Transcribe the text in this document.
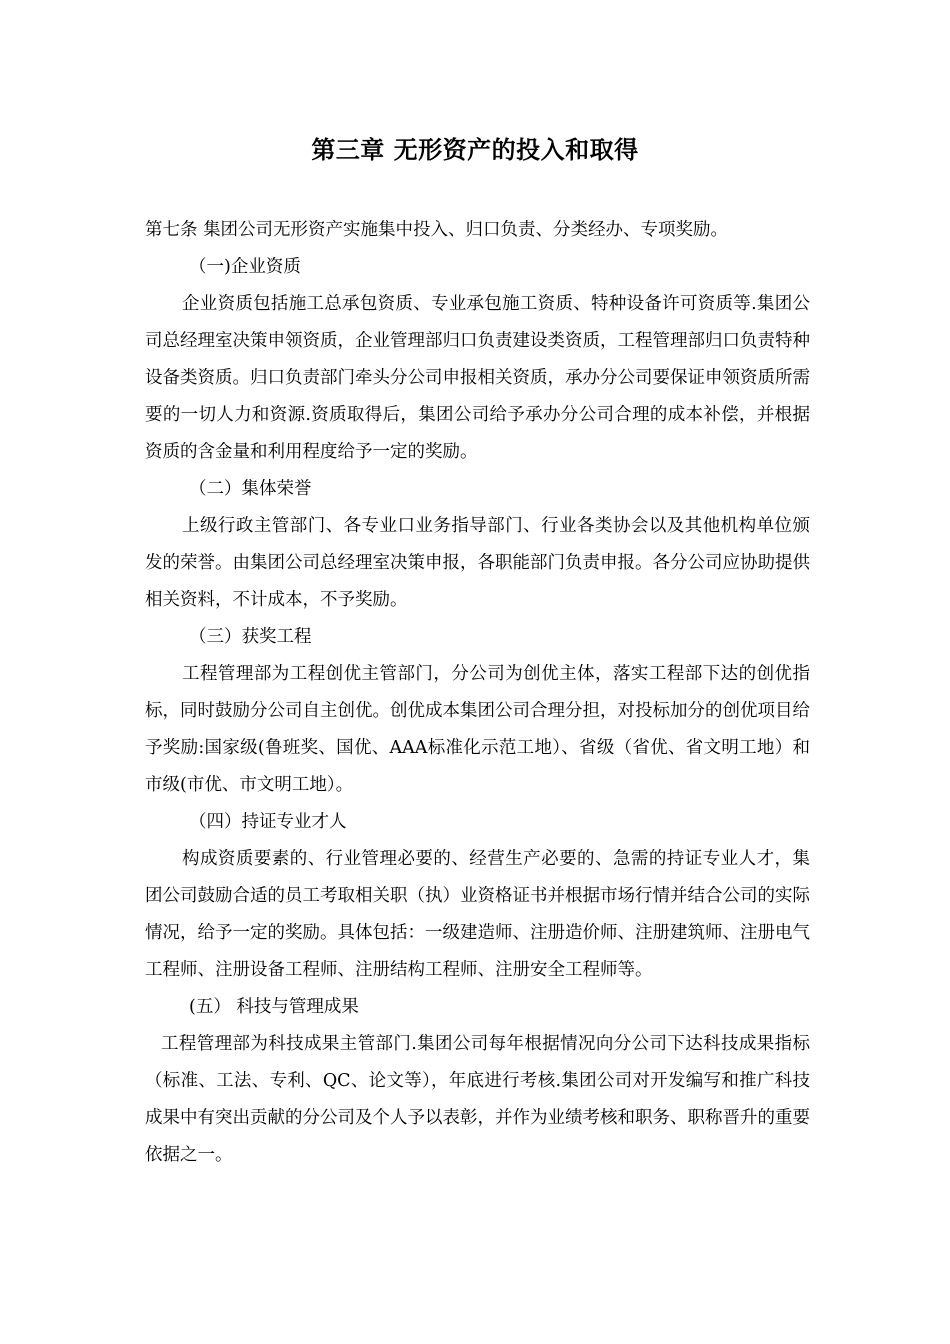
第三章 无形资产的投入和取得

第七条 集团公司无形资产实施集中投入、归口负责、分类经办、专项奖励。

（一)企业资质

企业资质包括施工总承包资质、专业承包施工资质、特种设备许可资质等.集团公司总经理室决策申领资质，企业管理部归口负责建设类资质，工程管理部归口负责特种设备类资质。归口负责部门牵头分公司申报相关资质，承办分公司要保证申领资质所需要的一切人力和资源.资质取得后，集团公司给予承办分公司合理的成本补偿，并根据资质的含金量和利用程度给予一定的奖励。

（二）集体荣誉

上级行政主管部门、各专业口业务指导部门、行业各类协会以及其他机构单位颁发的荣誉。由集团公司总经理室决策申报，各职能部门负责申报。各分公司应协助提供相关资料，不计成本，不予奖励。

（三）获奖工程

工程管理部为工程创优主管部门，分公司为创优主体，落实工程部下达的创优指标，同时鼓励分公司自主创优。创优成本集团公司合理分担，对投标加分的创优项目给予奖励:国家级(鲁班奖、国优、AAA标准化示范工地）、省级（省优、省文明工地）和市级(市优、市文明工地）。

（四）持证专业才人

构成资质要素的、行业管理必要的、经营生产必要的、急需的持证专业人才，集团公司鼓励合适的员工考取相关职（执）业资格证书并根据市场行情并结合公司的实际情况，给予一定的奖励。具体包括：一级建造师、注册造价师、注册建筑师、注册电气工程师、注册设备工程师、注册结构工程师、注册安全工程师等。

(五） 科技与管理成果

工程管理部为科技成果主管部门.集团公司每年根据情况向分公司下达科技成果指标（标准、工法、专利、QC、论文等），年底进行考核.集团公司对开发编写和推广科技成果中有突出贡献的分公司及个人予以表彰，并作为业绩考核和职务、职称晋升的重要依据之一。
